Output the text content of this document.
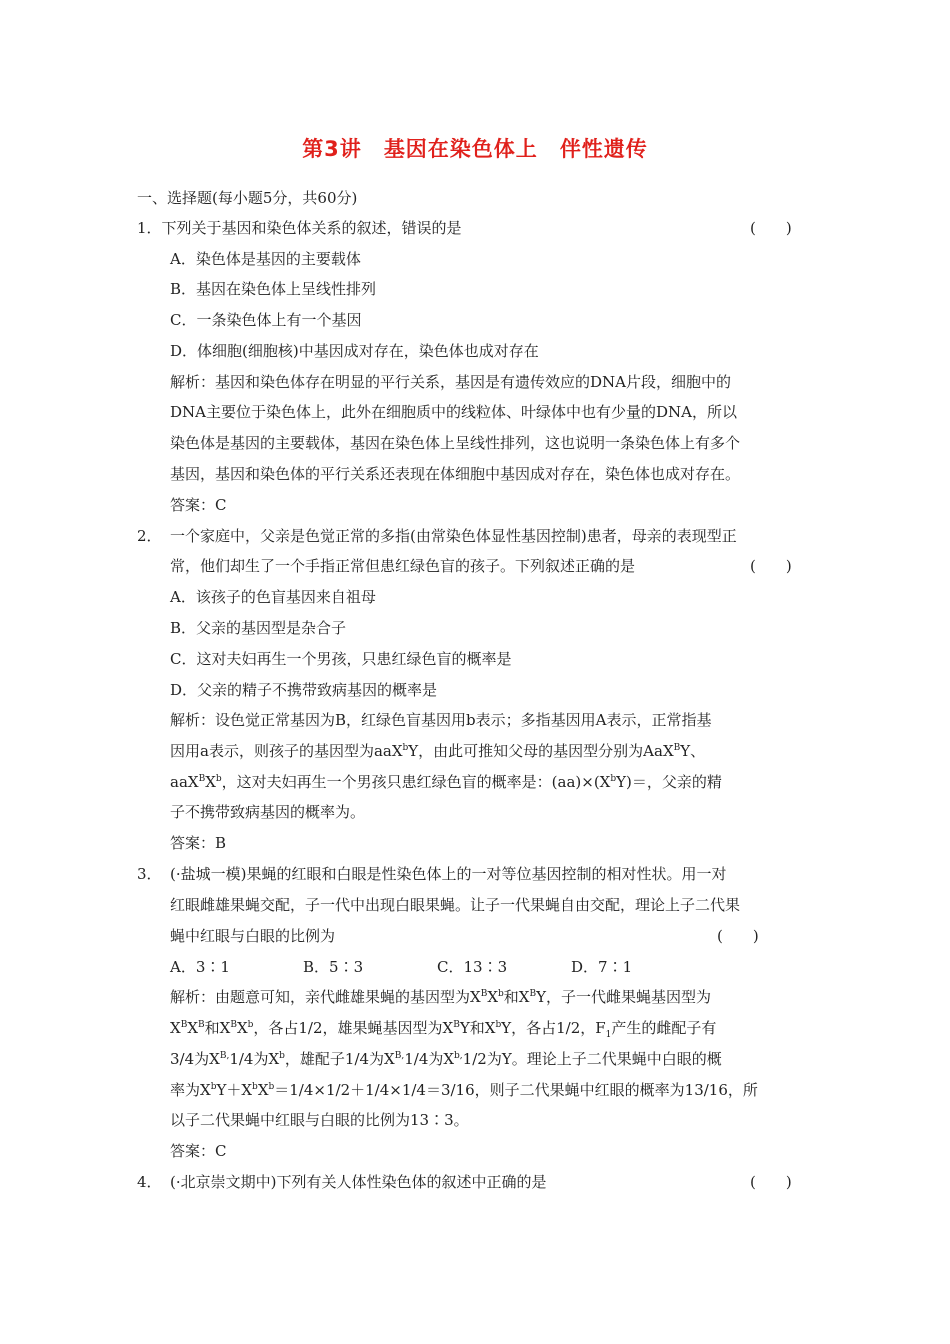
第3讲 基因在染色体上 伴性遗传
一、选择题(每小题5分，共60分)
1．下列关于基因和染色体关系的叙述，错误的是	(　　)
A．染色体是基因的主要载体
B．基因在染色体上呈线性排列
C．一条染色体上有一个基因
D．体细胞(细胞核)中基因成对存在，染色体也成对存在
解析：基因和染色体存在明显的平行关系，基因是有遗传效应的DNA片段，细胞中的
DNA主要位于染色体上，此外在细胞质中的线粒体、叶绿体中也有少量的DNA，所以
染色体是基因的主要载体，基因在染色体上呈线性排列，这也说明一条染色体上有多个
基因，基因和染色体的平行关系还表现在体细胞中基因成对存在，染色体也成对存在。
答案：C
2． 一个家庭中，父亲是色觉正常的多指(由常染色体显性基因控制)患者，母亲的表现型正
常，他们却生了一个手指正常但患红绿色盲的孩子。下列叙述正确的是	(　　)
A．该孩子的色盲基因来自祖母
B．父亲的基因型是杂合子
C．这对夫妇再生一个男孩，只患红绿色盲的概率是
D．父亲的精子不携带致病基因的概率是
解析：设色觉正常基因为B，红绿色盲基因用b表示；多指基因用A表示，正常指基
因用a表示，则孩子的基因型为aaX$^b$Y，由此可推知父母的基因型分别为AaX$^B$Y、
$aaX^BX^b$，这对夫妇再生一个男孩只患红绿色盲的概率是：$(aa)\times(X^bY)=$，父亲的精
子不携带致病基因的概率为。
答案：B
3． (·盐城一模)果蝇的红眼和白眼是性染色体上的一对等位基因控制的相对性状。用一对
红眼雌雄果蝇交配，子一代中出现白眼果蝇。让子一代果蝇自由交配，理论上子二代果
蝇中红眼与白眼的比例为	(　　)
A．3∶1	B．5∶3	C．13∶3	D．7∶1
解析：由题意可知，亲代雌雄果蝇的基因型为$X^BX^b$和$X^BY$，子一代雌果蝇基因型为
$X^BX^B$和$X^BX^b$，各占1/2，雄果蝇基因型为$X^BY$和$X^bY$，各占1/2，$F_1$产生的雌配子有
3/4为$X^{B,}1/4$为$X^b$，雄配子1/4为$X^{B,}1/4$为$X^{b,}1/2$为Y。理论上子二代果蝇中白眼的概
率为$X^bY+X^bX^b=1/4\times 1/2+1/4\times 1/4=3/16$，则子二代果蝇中红眼的概率为13/16，所
以子二代果蝇中红眼与白眼的比例为13∶3。
答案：C
4． (·北京崇文期中)下列有关人体性染色体的叙述中正确的是	(　　)
